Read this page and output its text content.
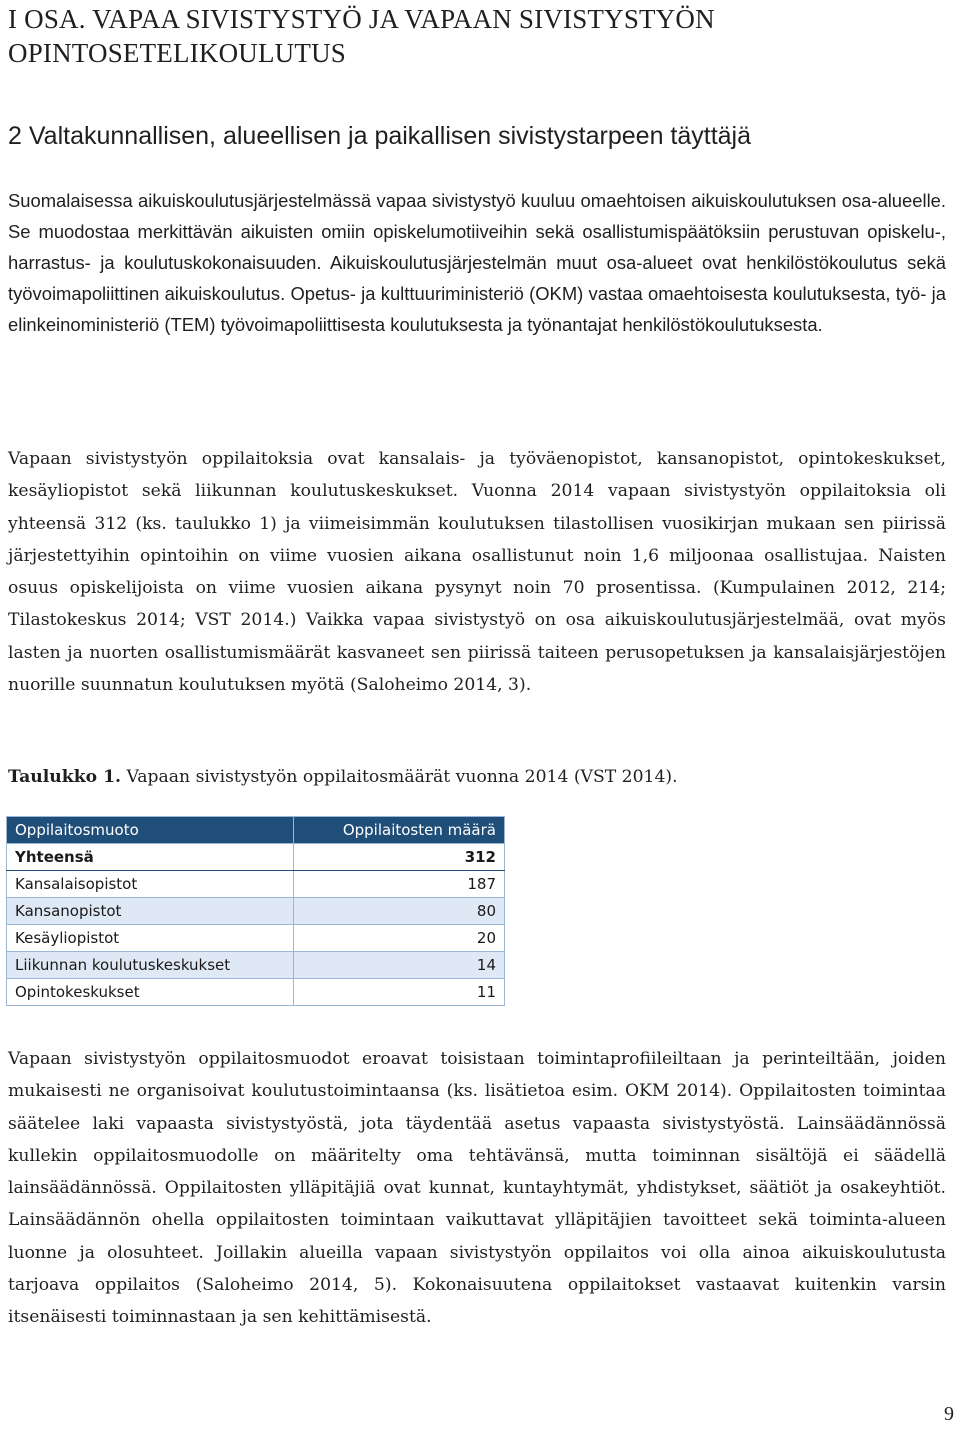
I OSA. VAPAA SIVISTYSTYÖ JA VAPAAN SIVISTYSTYÖN OPINTOSETELIKOULUTUS
2 Valtakunnallisen, alueellisen ja paikallisen sivistystarpeen täyttäjä

Suomalaisessa aikuiskoulutusjärjestelmässä vapaa sivistystyö kuuluu omaehtoisen aikuiskoulutuksen osa-alueelle. Se muodostaa merkittävän aikuisten omiin opiskelumotiiveihin sekä osallistumispäätöksiin perustuvan opiskelu-, harrastus- ja koulutuskokonaisuuden. Aikuiskoulutusjärjestelmän muut osa-alueet ovat henkilöstökoulutus sekä työvoimapoliittinen aikuiskoulutus. Opetus- ja kulttuuriministeriö (OKM) vastaa omaehtoisesta koulutuksesta, työ- ja elinkeinoministeriö (TEM) työvoimapoliittisesta koulutuksesta ja työnantajat henkilöstökoulutuksesta.

Vapaan sivistystyön oppilaitoksia ovat kansalais- ja työväenopistot, kansanopistot, opintokeskukset, kesäyliopistot sekä liikunnan koulutuskeskukset. Vuonna 2014 vapaan sivistystyön oppilaitoksia oli yhteensä 312 (ks. taulukko 1) ja viimeisimmän koulutuksen tilastollisen vuosikirjan mukaan sen piirissä järjestettyihin opintoihin on viime vuosien aikana osallistunut noin 1,6 miljoonaa osallistujaa. Naisten osuus opiskelijoista on viime vuosien aikana pysynyt noin 70 prosentissa. (Kumpulainen 2012, 214; Tilastokeskus 2014; VST 2014.) Vaikka vapaa sivistystyö on osa aikuiskoulutusjärjestelmää, ovat myös lasten ja nuorten osallistumismäärät kasvaneet sen piirissä taiteen perusopetuksen ja kansalaisjärjestöjen nuorille suunnatun koulutuksen myötä (Saloheimo 2014, 3).

Taulukko 1. Vapaan sivistystyön oppilaitosmäärät vuonna 2014 (VST 2014).

Oppilaitosmuoto	Oppilaitosten määrä
Yhteensä	312
Kansalaisopistot	187
Kansanopistot	80
Kesäyliopistot	20
Liikunnan koulutuskeskukset	14
Opintokeskukset	11

Vapaan sivistystyön oppilaitosmuodot eroavat toisistaan toimintaprofiileiltaan ja perinteiltään, joiden mukaisesti ne organisoivat koulutustoimintaansa (ks. lisätietoa esim. OKM 2014). Oppilaitosten toimintaa säätelee laki vapaasta sivistystyöstä, jota täydentää asetus vapaasta sivistystyöstä. Lainsäädännössä kullekin oppilaitosmuodolle on määritelty oma tehtävänsä, mutta toiminnan sisältöjä ei säädellä lainsäädännössä. Oppilaitosten ylläpitäjiä ovat kunnat, kuntayhtymät, yhdistykset, säätiöt ja osakeyhtiöt. Lainsäädännön ohella oppilaitosten toimintaan vaikuttavat ylläpitäjien tavoitteet sekä toiminta-alueen luonne ja olosuhteet. Joillakin alueilla vapaan sivistystyön oppilaitos voi olla ainoa aikuiskoulutusta tarjoava oppilaitos (Saloheimo 2014, 5). Kokonaisuutena oppilaitokset vastaavat kuitenkin varsin itsenäisesti toiminnastaan ja sen kehittämisestä.

9
